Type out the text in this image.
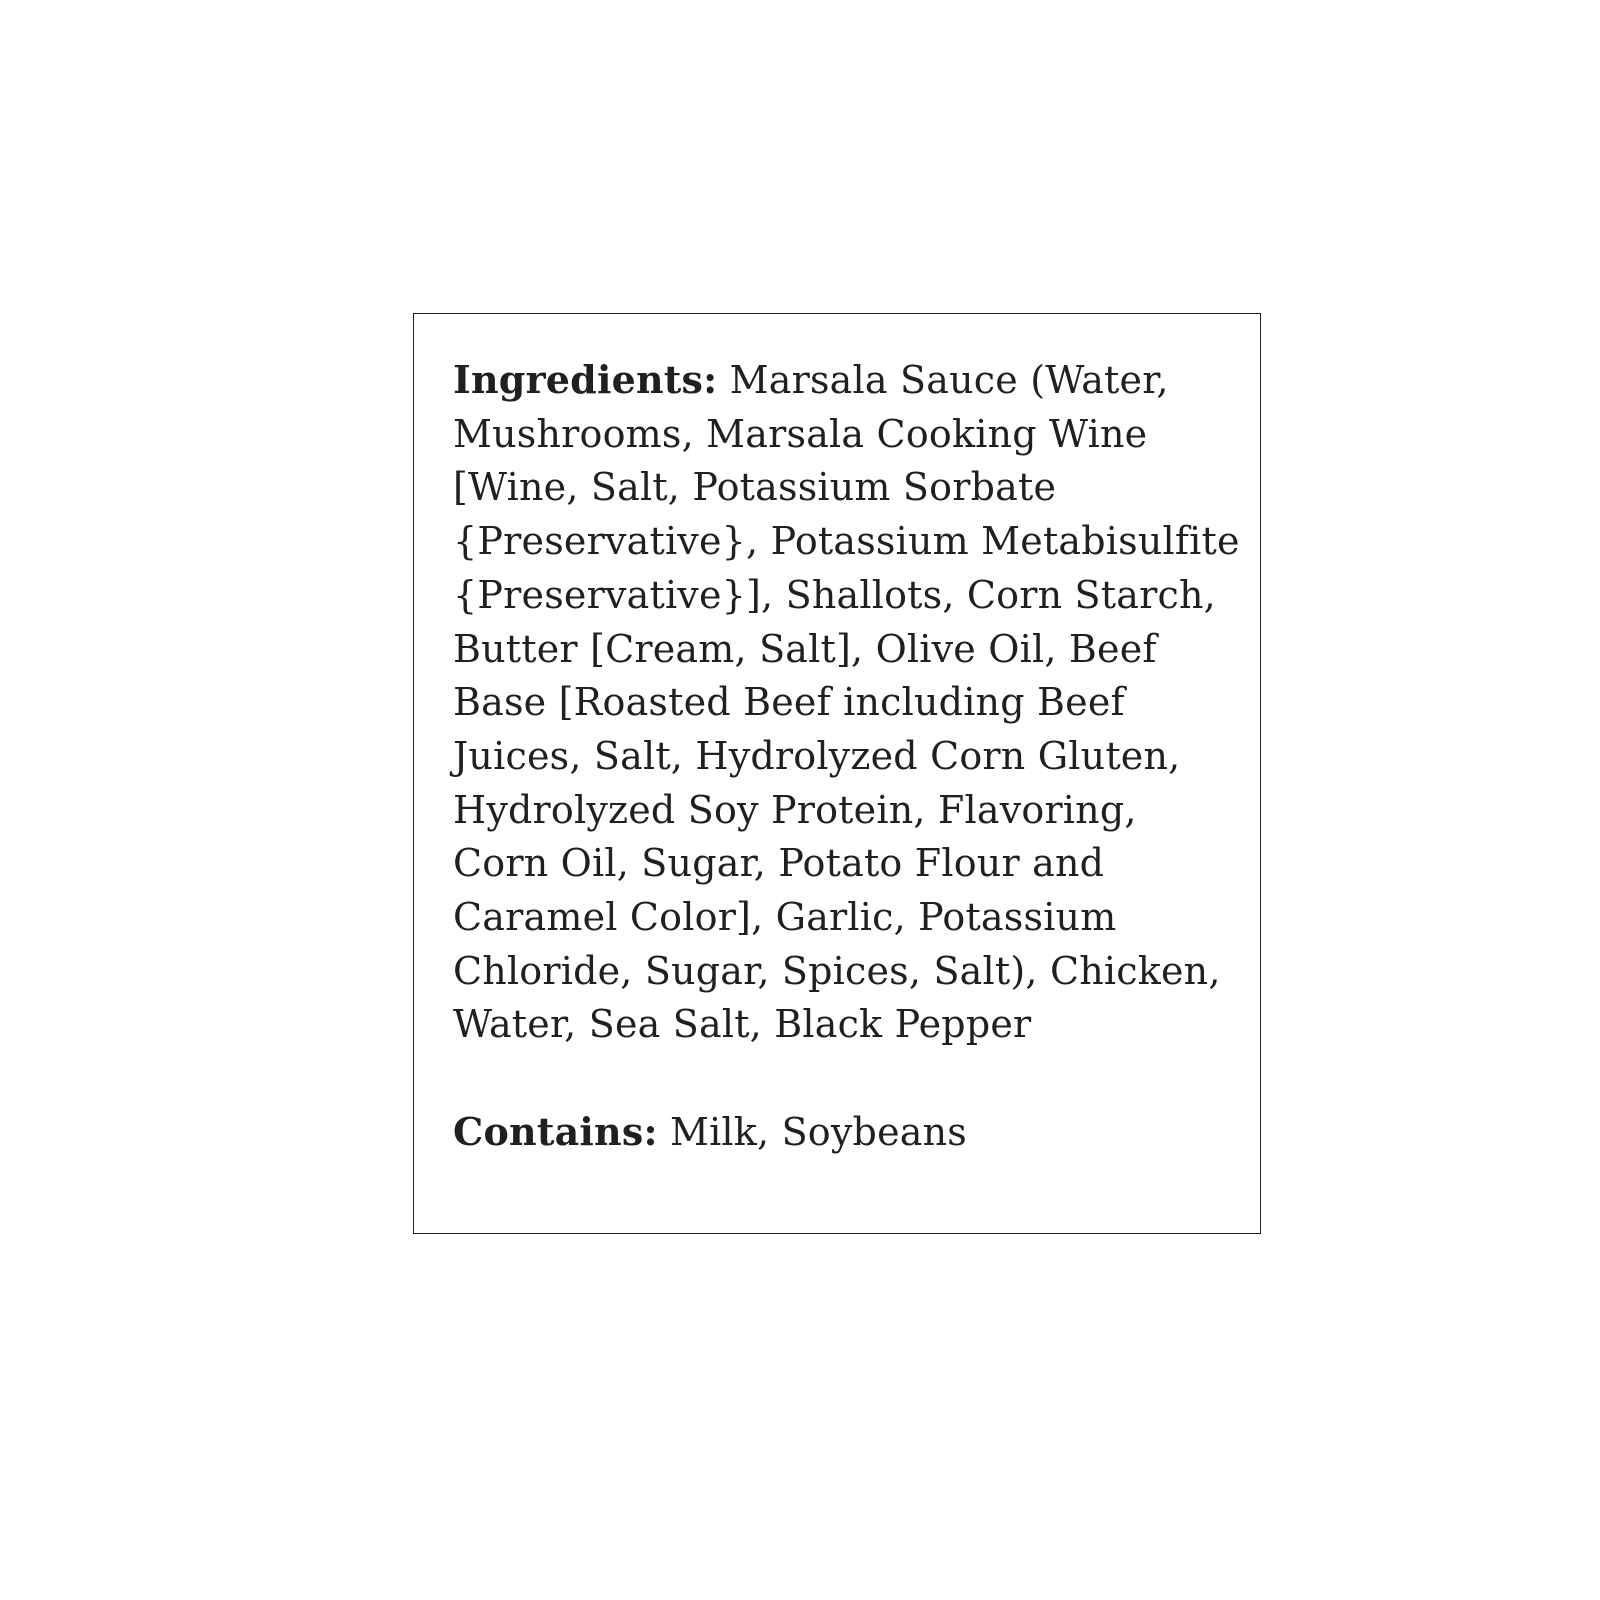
Ingredients: Marsala Sauce (Water,
Mushrooms, Marsala Cooking Wine
[Wine, Salt, Potassium Sorbate
{Preservative}, Potassium Metabisulfite
{Preservative}], Shallots, Corn Starch,
Butter [Cream, Salt], Olive Oil, Beef
Base [Roasted Beef including Beef
Juices, Salt, Hydrolyzed Corn Gluten,
Hydrolyzed Soy Protein, Flavoring,
Corn Oil, Sugar, Potato Flour and
Caramel Color], Garlic, Potassium
Chloride, Sugar, Spices, Salt), Chicken,
Water, Sea Salt, Black Pepper
Contains: Milk, Soybeans
